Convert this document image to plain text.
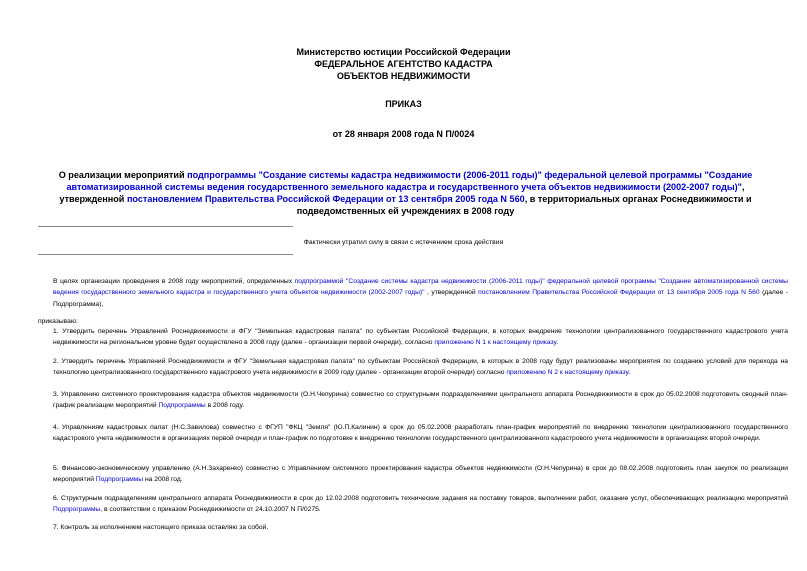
Министерство юстиции Российской Федерации
ФЕДЕРАЛЬНОЕ АГЕНТСТВО КАДАСТРА
ОБЪЕКТОВ НЕДВИЖИМОСТИ
ПРИКАЗ
от 28 января 2008 года N П/0024
О реализации мероприятий подпрограммы "Создание системы кадастра недвижимости (2006-2011 годы)" федеральной целевой программы "Создание автоматизированной системы ведения государственного земельного кадастра и государственного учета объектов недвижимости (2002-2007 годы)", утвержденной постановлением Правительства Российской Федерации от 13 сентября 2005 года N 560, в территориальных органах Роснедвижимости и подведомственных ей учреждениях в 2008 году
Фактически утратил силу в связи с истечением срока действия
В целях организации проведения в 2008 году мероприятий, определенных подпрограммой "Создание системы кадастра недвижимости (2006-2011 годы)" федеральной целевой программы "Создание автоматизированной системы ведения государственного земельного кадастра и государственного учета объектов недвижимости (2002-2007 годы)" , утвержденной постановлением Правительства Российской Федерации от 13 сентября 2005 года N 560 (далее - Подпрограмма),
приказываю:
1. Утвердить перечень Управлений Роснедвижимости и ФГУ "Земельная кадастровая палата" по субъектам Российской Федерации, в которых внедрение технологии централизованного государственного кадастрового учета недвижимости на региональном уровне будет осуществлено в 2008 году (далее - организации первой очереди), согласно приложению N 1 к настоящему приказу.
2. Утвердить перечень Управлений Роснедвижимости и ФГУ "Земельная кадастровая палата" по субъектам Российской Федерации, в которых в 2008 году будут реализованы мероприятия по созданию условий для перехода на технологию централизованного государственного кадастрового учета недвижимости в 2009 году (далее - организации второй очереди) согласно приложению N 2 к настоящему приказу.
3. Управлению системного проектирования кадастра объектов недвижимости (О.Н.Чепурина) совместно со структурными подразделениями центрального аппарата Роснедвижимости в срок до 05.02.2008 подготовить сводный план-график реализации мероприятий Подпрограммы в 2008 году.
4. Управлениям кадастровых палат (Н.С.Завилова) совместно с ФГУП "ФКЦ "Земля" (Ю.П.Калинин) в срок до 05.02.2008 разработать план-график мероприятий по внедрению технологии централизованного государственного кадастрового учета недвижимости в организациях первой очереди и план-график по подготовке к внедрению технологии государственного централизованного кадастрового учета недвижимости в организациях второй очереди.
5. Финансово-экономическому управлению (А.Н.Захаренко) совместно с Управлением системного проектирования кадастра объектов недвижимости (О.Н.Чепурина) в срок до 08.02.2008 подготовить план закупок по реализации мероприятий Подпрограммы на 2008 год.
6. Структурным подразделениям центрального аппарата Роснедвижимости в срок до 12.02.2008 подготовить технические задания на поставку товаров, выполнение работ, оказание услуг, обеспечивающих реализацию мероприятий Подпрограммы, в соответствии с приказом Роснедвижимости от 24.10.2007 N П/0275.
7. Контроль за исполнением настоящего приказа оставляю за собой.
